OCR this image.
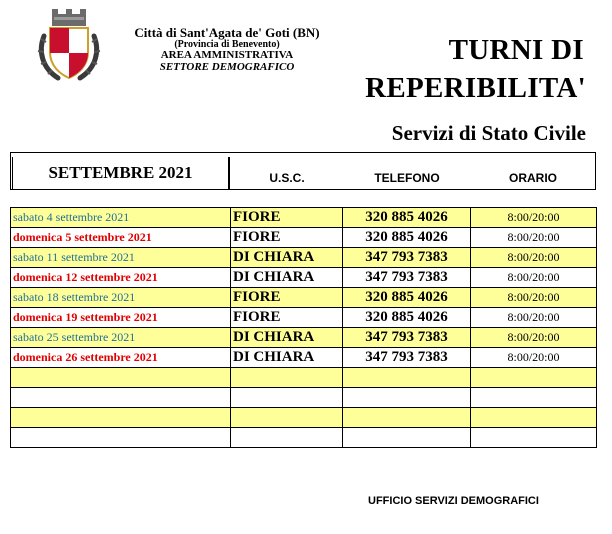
Città di Sant'Agata de' Goti (BN)
(Provincia di Benevento)
AREA AMMINISTRATIVA
SETTORE DEMOGRAFICO
TURNI DI
REPERIBILITA'
Servizi di Stato Civile
SETTEMBRE 2021	U.S.C.	TELEFONO	ORARIO
sabato 4 settembre 2021	FIORE	320 885 4026	8:00/20:00
domenica 5 settembre 2021	FIORE	320 885 4026	8:00/20:00
sabato 11 settembre 2021	DI CHIARA	347 793 7383	8:00/20:00
domenica 12 settembre 2021	DI CHIARA	347 793 7383	8:00/20:00
sabato 18 settembre 2021	FIORE	320 885 4026	8:00/20:00
domenica 19 settembre 2021	FIORE	320 885 4026	8:00/20:00
sabato 25 settembre 2021	DI CHIARA	347 793 7383	8:00/20:00
domenica 26 settembre 2021	DI CHIARA	347 793 7383	8:00/20:00

UFFICIO SERVIZI DEMOGRAFICI
